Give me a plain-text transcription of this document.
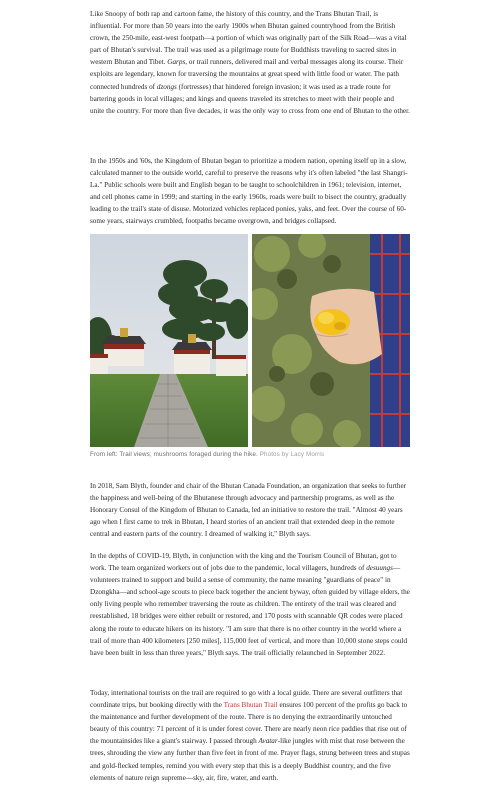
Like Snoopy of both rap and cartoon fame, the history of this country, and the Trans Bhutan Trail, is influential. For more than 50 years into the early 1900s when Bhutan gained countryhood from the British crown, the 250-mile, east-west footpath—a portion of which was originally part of the Silk Road—was a vital part of Bhutan's survival. The trail was used as a pilgrimage route for Buddhists traveling to sacred sites in western Bhutan and Tibet. Garps, or trail runners, delivered mail and verbal messages along its course. Their exploits are legendary, known for traversing the mountains at great speed with little food or water. The path connected hundreds of dzongs (fortresses) that hindered foreign invasion; it was used as a trade route for bartering goods in local villages; and kings and queens traveled its stretches to meet with their people and unite the country. For more than five decades, it was the only way to cross from one end of Bhutan to the other.

In the 1950s and '60s, the Kingdom of Bhutan began to prioritize a modern nation, opening itself up in a slow, calculated manner to the outside world, careful to preserve the reasons why it's often labeled "the last Shangri-La." Public schools were built and English began to be taught to schoolchildren in 1961; television, internet, and cell phones came in 1999; and starting in the early 1960s, roads were built to bisect the country, gradually leading to the trail's state of disuse. Motorized vehicles replaced ponies, yaks, and feet. Over the course of 60-some years, stairways crumbled, footpaths became overgrown, and bridges collapsed.

From left: Trail views; mushrooms foraged during the hike. Photos by Lacy Morris

In 2018, Sam Blyth, founder and chair of the Bhutan Canada Foundation, an organization that seeks to further the happiness and well-being of the Bhutanese through advocacy and partnership programs, as well as the Honorary Consul of the Kingdom of Bhutan to Canada, led an initiative to restore the trail. "Almost 40 years ago when I first came to trek in Bhutan, I heard stories of an ancient trail that extended deep in the remote central and eastern parts of the country. I dreamed of walking it," Blyth says.

In the depths of COVID-19, Blyth, in conjunction with the king and the Tourism Council of Bhutan, got to work. The team organized workers out of jobs due to the pandemic, local villagers, hundreds of desuungs—volunteers trained to support and build a sense of community, the name meaning "guardians of peace" in Dzongkha—and school-age scouts to piece back together the ancient byway, often guided by village elders, the only living people who remember traversing the route as children. The entirety of the trail was cleared and reestablished, 18 bridges were either rebuilt or restored, and 170 posts with scannable QR codes were placed along the route to educate hikers on its history. "I am sure that there is no other country in the world where a trail of more than 400 kilometers [250 miles], 115,000 feet of vertical, and more than 10,000 stone steps could have been built in less than three years," Blyth says. The trail officially relaunched in September 2022.

Today, international tourists on the trail are required to go with a local guide. There are several outfitters that coordinate trips, but booking directly with the Trans Bhutan Trail ensures 100 percent of the profits go back to the maintenance and further development of the route. There is no denying the extraordinarily untouched beauty of this country: 71 percent of it is under forest cover. There are nearly neon rice paddies that rise out of the mountainsides like a giant's stairway. I passed through Avatar-like jungles with mist that rose between the trees, shrouding the view any further than five feet in front of me. Prayer flags, strung between trees and stupas and gold-flecked temples, remind you with every step that this is a deeply Buddhist country, and the five elements of nature reign supreme—sky, air, fire, water, and earth.
